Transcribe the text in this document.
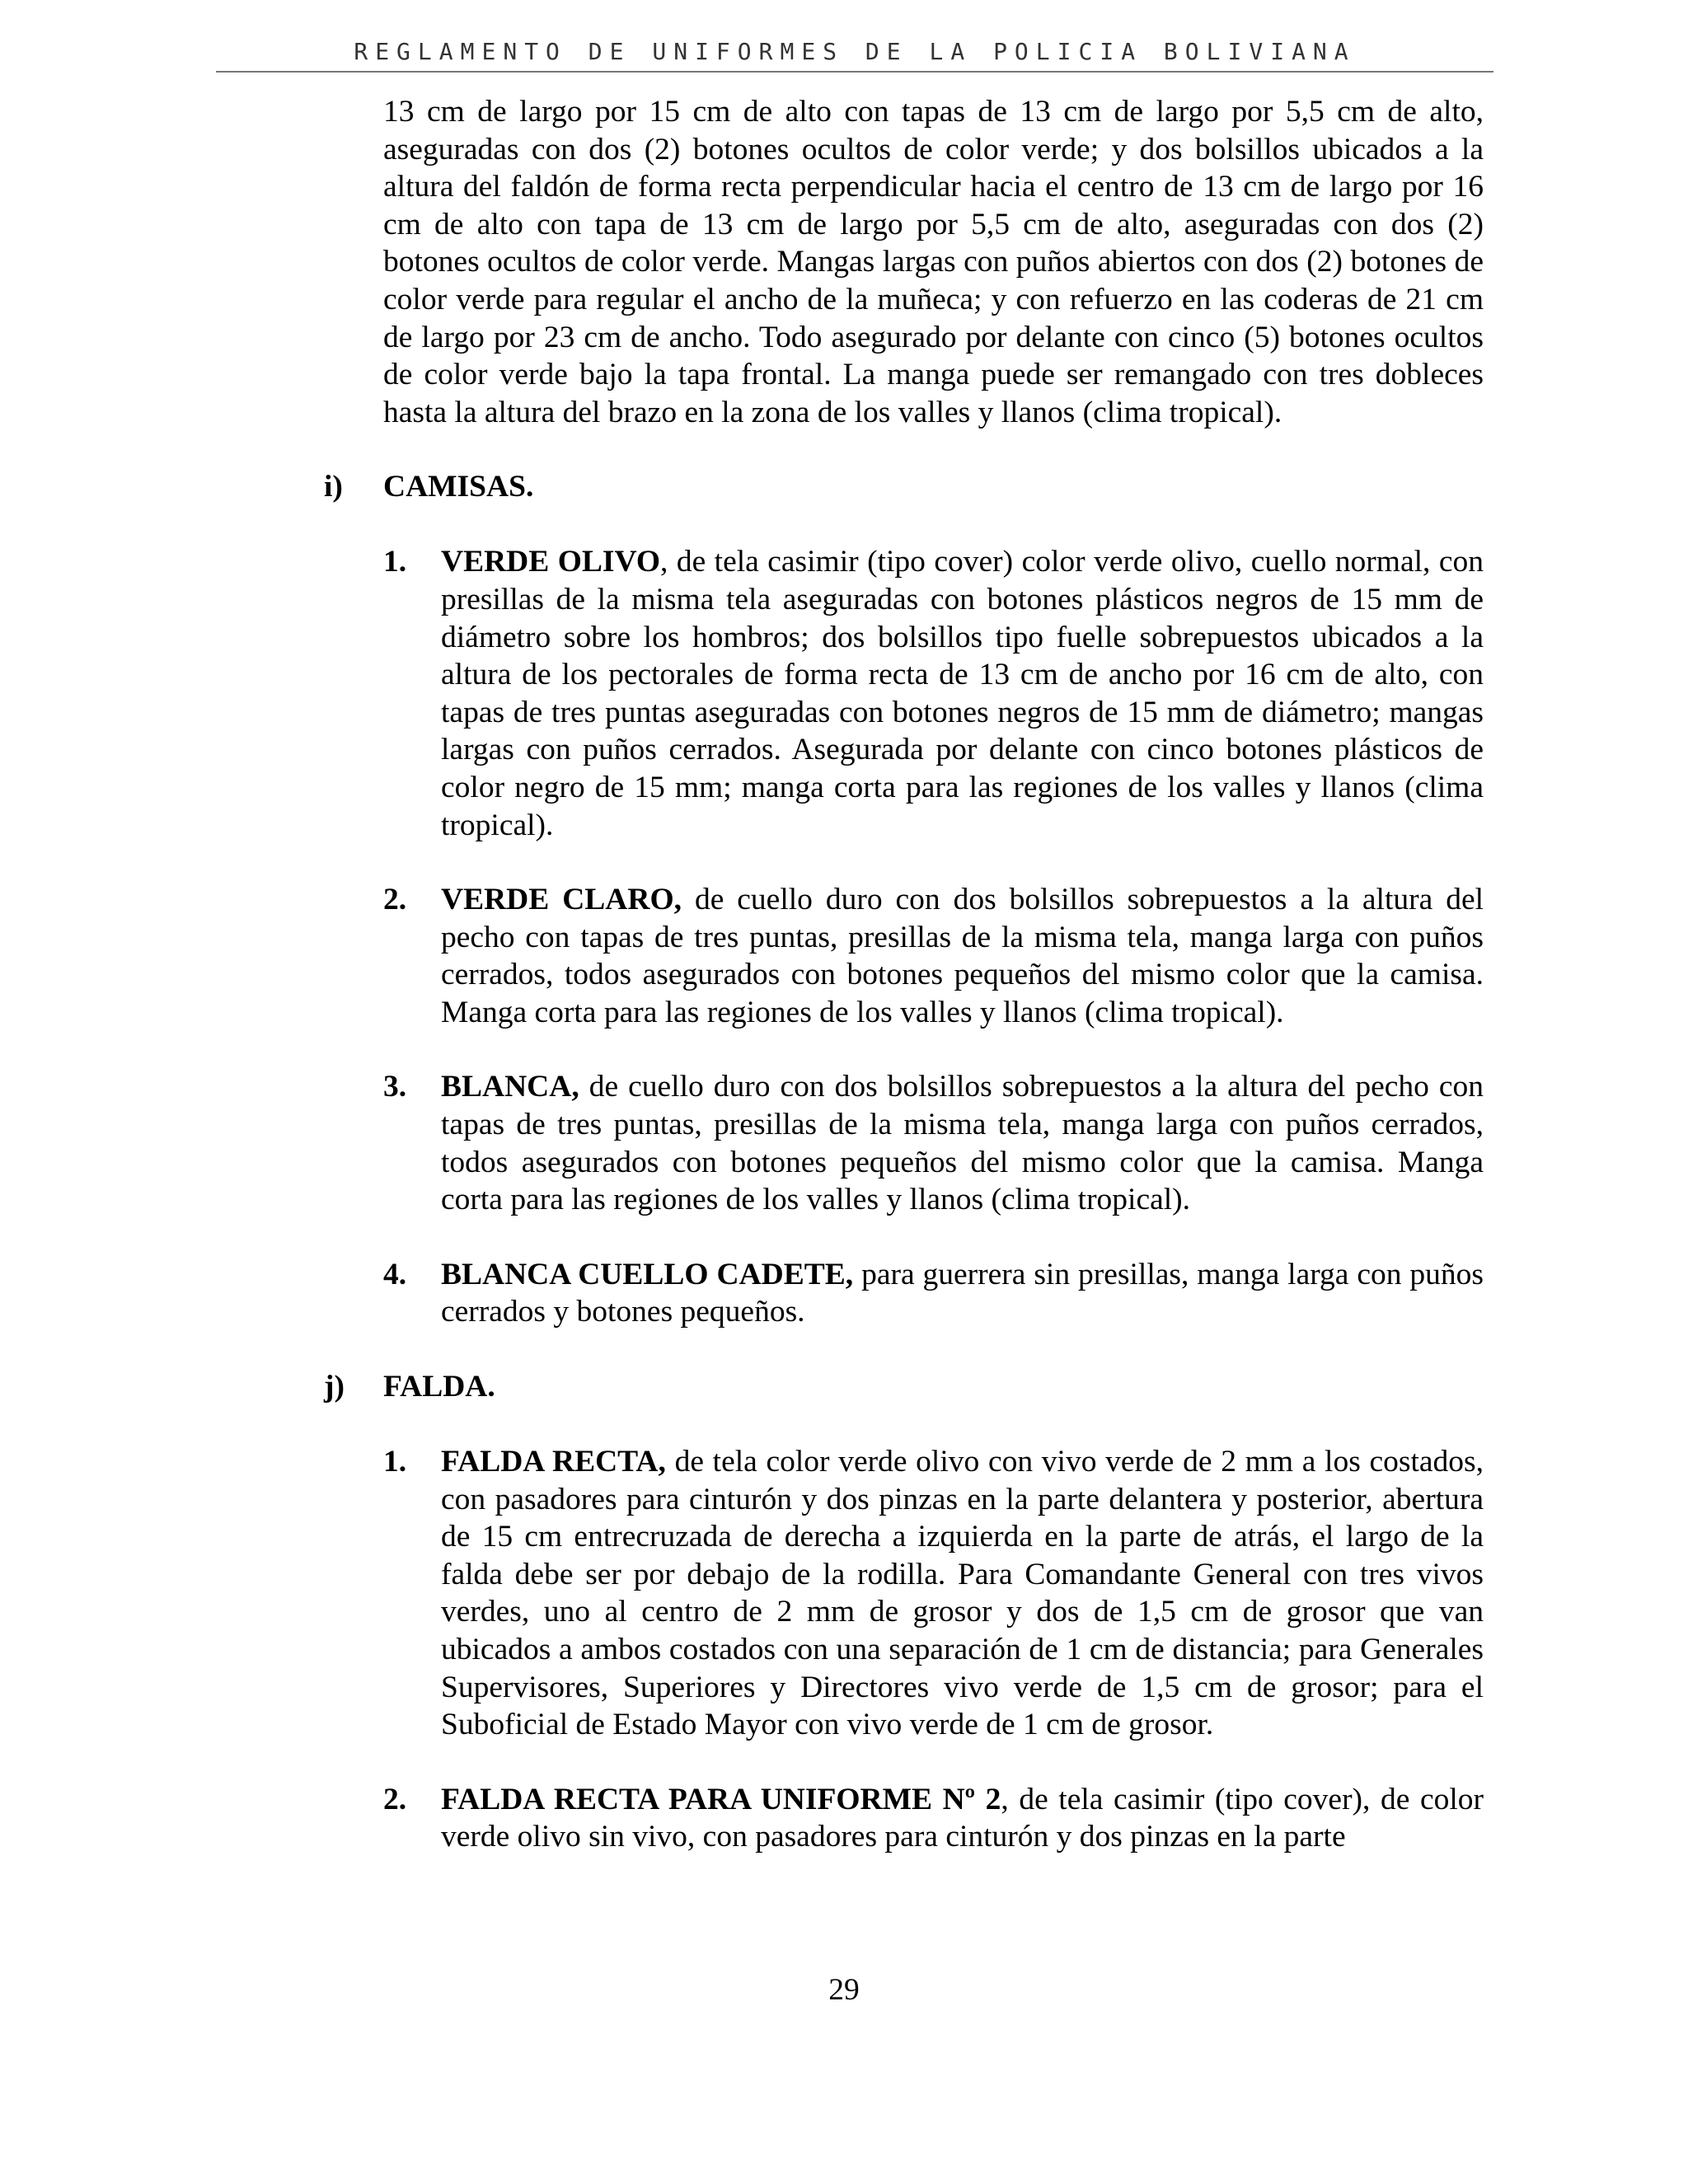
REGLAMENTO DE UNIFORMES DE LA POLICIA BOLIVIANA

13 cm de largo por 15 cm de alto con tapas de 13 cm de largo por 5,5 cm de alto, aseguradas con dos (2) botones ocultos de color verde; y dos bolsillos ubicados a la altura del faldón de forma recta perpendicular hacia el centro de 13 cm de largo por 16 cm de alto con tapa de 13 cm de largo por 5,5 cm de alto, aseguradas con dos (2) botones ocultos de color verde. Mangas largas con puños abiertos con dos (2) botones de color verde para regular el ancho de la muñeca; y con refuerzo en las coderas de 21 cm de largo por 23 cm de ancho. Todo asegurado por delante con cinco (5) botones ocultos de color verde bajo la tapa frontal. La manga puede ser remangado con tres dobleces hasta la altura del brazo en la zona de los valles y llanos (clima tropical).

i) CAMISAS.
1. VERDE OLIVO, de tela casimir (tipo cover) color verde olivo, cuello normal, con presillas de la misma tela aseguradas con botones plásticos negros de 15 mm de diámetro sobre los hombros; dos bolsillos tipo fuelle sobrepuestos ubicados a la altura de los pectorales de forma recta de 13 cm de ancho por 16 cm de alto, con tapas de tres puntas aseguradas con botones negros de 15 mm de diámetro; mangas largas con puños cerrados. Asegurada por delante con cinco botones plásticos de color negro de 15 mm; manga corta para las regiones de los valles y llanos (clima tropical).

2. VERDE CLARO, de cuello duro con dos bolsillos sobrepuestos a la altura del pecho con tapas de tres puntas, presillas de la misma tela, manga larga con puños cerrados, todos asegurados con botones pequeños del mismo color que la camisa. Manga corta para las regiones de los valles y llanos (clima tropical).

3. BLANCA, de cuello duro con dos bolsillos sobrepuestos a la altura del pecho con tapas de tres puntas, presillas de la misma tela, manga larga con puños cerrados, todos asegurados con botones pequeños del mismo color que la camisa. Manga corta para las regiones de los valles y llanos (clima tropical).

4. BLANCA CUELLO CADETE, para guerrera sin presillas, manga larga con puños cerrados y botones pequeños.

j) FALDA.
1. FALDA RECTA, de tela color verde olivo con vivo verde de 2 mm a los costados, con pasadores para cinturón y dos pinzas en la parte delantera y posterior, abertura de 15 cm entrecruzada de derecha a izquierda en la parte de atrás, el largo de la falda debe ser por debajo de la rodilla. Para Comandante General con tres vivos verdes, uno al centro de 2 mm de grosor y dos de 1,5 cm de grosor que van ubicados a ambos costados con una separación de 1 cm de distancia; para Generales Supervisores, Superiores y Directores vivo verde de 1,5 cm de grosor; para el Suboficial de Estado Mayor con vivo verde de 1 cm de grosor.

2. FALDA RECTA PARA UNIFORME Nº 2, de tela casimir (tipo cover), de color verde olivo sin vivo, con pasadores para cinturón y dos pinzas en la parte

29
